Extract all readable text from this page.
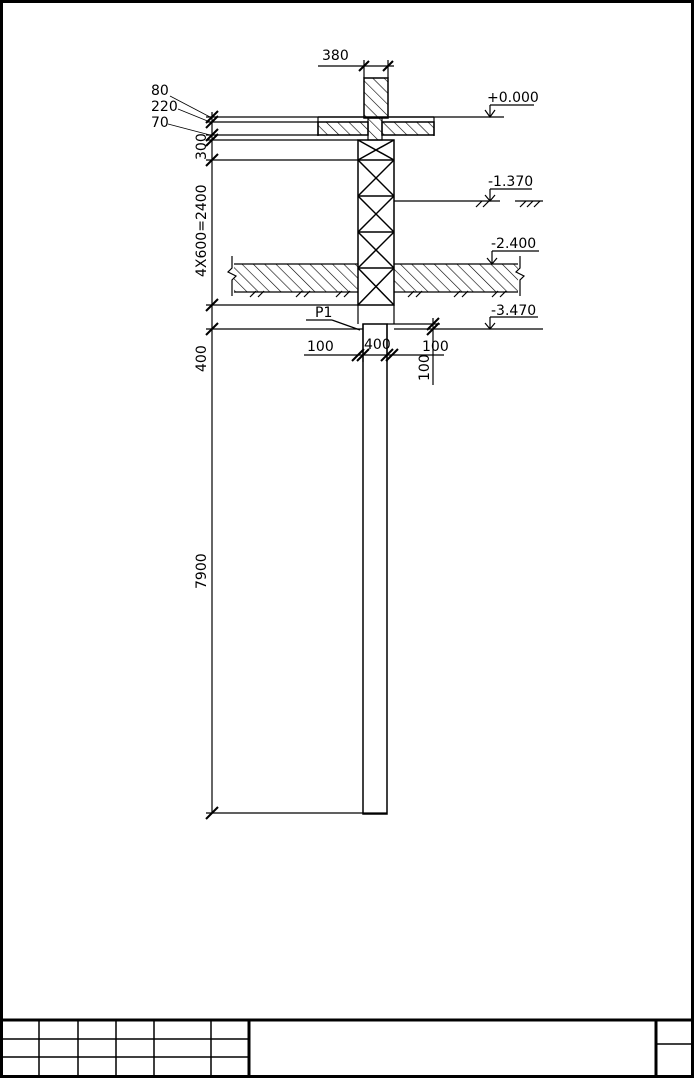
80
220
70
300
4X600=2400
400
7900
380
+0.000
-1.370
-2.400
-3.470
P1
100 400 100
100
